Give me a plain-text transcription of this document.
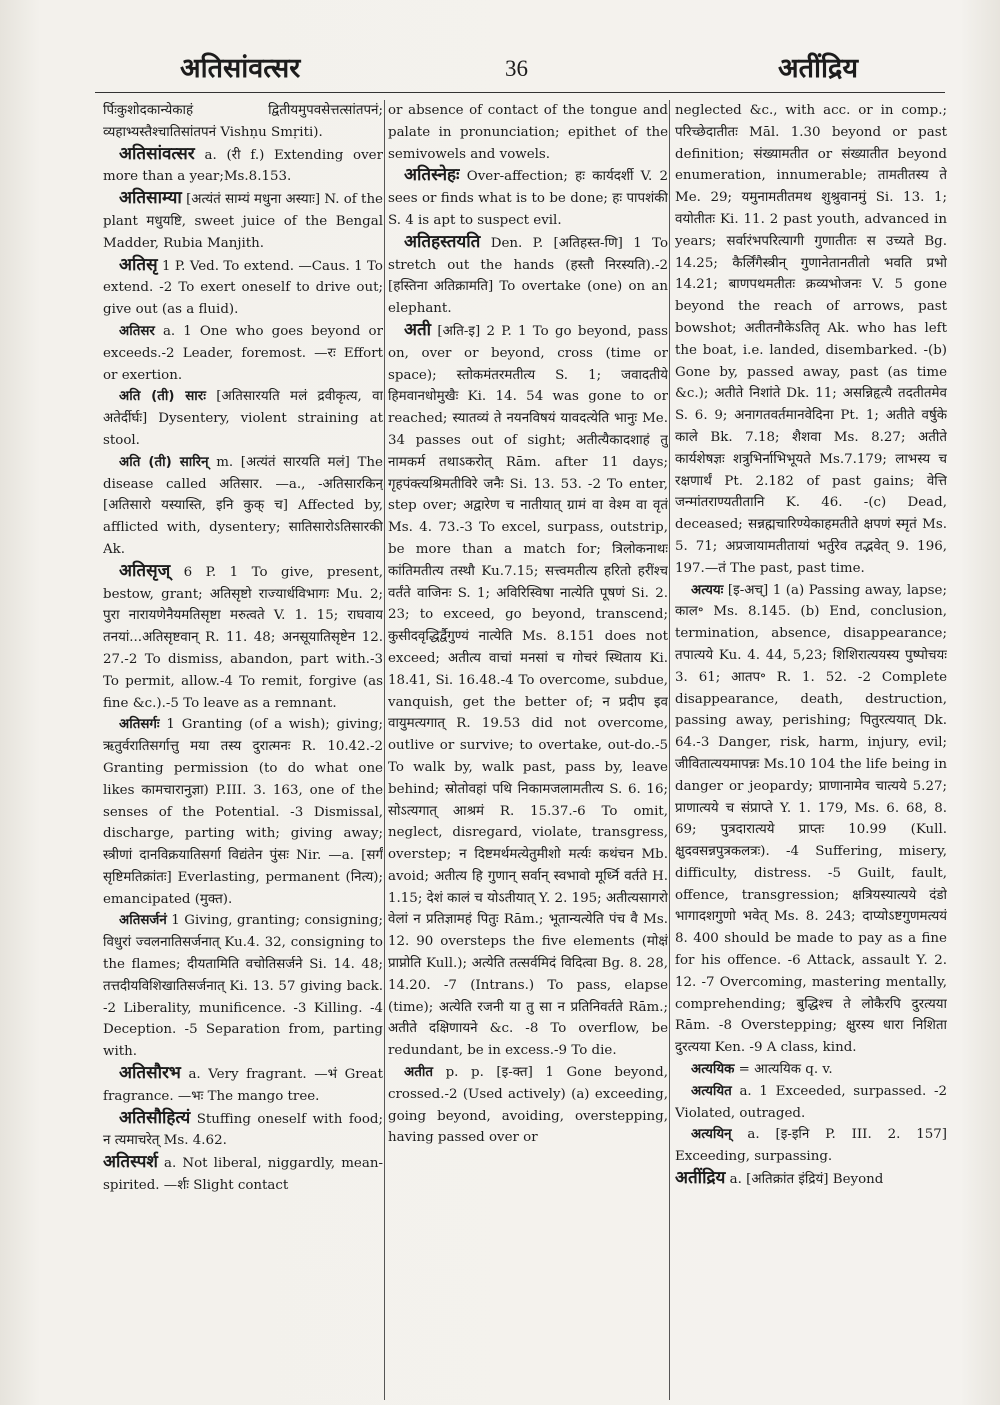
अतिसांवत्सर	36	अतींद्रिय
र्पिःकुशोदकान्येकाहं द्वितीयमुपवसेत्तत्सांतपनं; व्यहाभ्यस्तैश्चातिसांतपनं Vishṇu Smṛiti).
अतिसांवत्सर a. (री f.) Extending over more than a year;Ms.8.153.
अतिसाम्या [अत्यंतं साम्यं मधुना अस्याः] N. of the plant मधुयष्टि, sweet juice of the Bengal Madder, Rubia Manjith.
अतिसृ 1 P. Ved. To extend. —Caus. 1 To extend. -2 To exert oneself to drive out; give out (as a fluid).
अतिसर a. 1 One who goes beyond or exceeds.-2 Leader, foremost. —रः Effort or exertion.
अति (ती) सारः [अतिसारयति मलं द्रवीकृत्य, वा अतेर्दीर्घः] Dysentery, violent straining at stool.
अति (ती) सारिन् m. [अत्यंतं सारयति मलं] The disease called अतिसार. —a., -अतिसारकिन् [अतिसारो यस्यास्ति, इनि कुक् च] Affected by, afflicted with, dysentery; सातिसारोऽतिसारकी Ak.
अतिसृज् 6 P. 1 To give, present, bestow, grant; अतिसृष्टो राज्यार्धविभागः Mu. 2; पुरा नारायणेनैयमतिसृष्टा मरुत्वते V. 1. 15; राघवाय तनयां...अतिसृष्टवान् R. 11. 48; अनसूयातिसृष्टेन 12. 27.-2 To dismiss, abandon, part with.-3 To permit, allow.-4 To remit, forgive (as fine &c.).-5 To leave as a remnant.
अतिसर्गः 1 Granting (of a wish); giving; ऋतुर्वरातिसर्गात्तु मया तस्य दुरात्मनः R. 10.42.-2 Granting permission (to do what one likes कामचारानुज्ञा) P.III. 3. 163, one of the senses of the Potential. -3 Dismissal, discharge, parting with; giving away; स्त्रीणां दानविक्रयातिसर्गा विद्यंतेन पुंसः Nir. —a. [सर्गं सृष्टिमतिक्रांतः] Everlasting, permanent (नित्य); emancipated (मुक्त).
अतिसर्जनं 1 Giving, granting; consigning; विधुरां ज्वलनातिसर्जनात् Ku.4. 32, consigning to the flames; दीयतामिति वचोतिसर्जने Si. 14. 48; तत्तदीयविशिखातिसर्जनात् Ki. 13. 57 giving back. -2 Liberality, munificence. -3 Killing. -4 Deception. -5 Separation from, parting with.
अतिसौरभ a. Very fragrant. —भं Great fragrance. —भः The mango tree.
अतिसौहित्यं Stuffing oneself with food; न त्यमाचरेत् Ms. 4.62.
अतिस्पर्श a. Not liberal, niggardly, mean-spirited. —र्शः Slight contact
or absence of contact of the tongue and palate in pronunciation; epithet of the semivowels and vowels.
अतिस्नेहः Over-affection; हः कार्यदर्शी V. 2 sees or finds what is to be done; हः पापशंकी S. 4 is apt to suspect evil.
अतिहस्तयति Den. P. [अतिहस्त-णि] 1 To stretch out the hands (हस्तौ निरस्यति).-2 [हस्तिना अतिक्रामति] To overtake (one) on an elephant.
अती [अति-इ] 2 P. 1 To go beyond, pass on, over or beyond, cross (time or space); स्तोकमंतरमतीत्य S. 1; जवादतीये हिमवानधोमुखैः Ki. 14. 54 was gone to or reached; स्यातव्यं ते नयनविषयं यावदत्येति भानुः Me. 34 passes out of sight; अतीत्यैकादशाहं तु नामकर्म तथाऽकरोत् Rām. after 11 days; गृहपंक्त्यश्रिमतीविरे जनैः Si. 13. 53. -2 To enter, step over; अद्वारेण च नातीयात् ग्रामं वा वेश्म वा वृतं Ms. 4. 73.-3 To excel, surpass, outstrip, be more than a match for; त्रिलोकनाथः कांतिमतीत्य तस्थौ Ku.7.15; सत्त्वमतीत्य हरितो हरींश्च वर्तंते वाजिनः S. 1; अविरिस्विषा नात्येति पूषणं Si. 2. 23; to exceed, go beyond, transcend; कुसीदवृद्धिर्द्वैगुण्यं नात्येति Ms. 8.151 does not exceed; अतीत्य वाचां मनसां च गोचरं स्थिताय Ki. 18.41, Si. 16.48.-4 To overcome, subdue, vanquish, get the better of; न प्रदीप इव वायुमत्यगात् R. 19.53 did not overcome, outlive or survive; to overtake, out-do.-5 To walk by, walk past, pass by, leave behind; स्रोतोवहां पथि निकामजलामतीत्य S. 6. 16; सोऽत्यगात् आश्रमं R. 15.37.-6 To omit, neglect, disregard, violate, transgress, overstep; न दिष्टमर्थमत्येतुमीशो मर्त्यः कथंचन Mb. avoid; अतीत्य हि गुणान् सर्वान् स्वभावो मूर्ध्नि वर्तते H. 1.15; देशं कालं च योऽतीयात् Y. 2. 195; अतीत्यसागरो वेलां न प्रतिज्ञामहं पितुः Rām.; भूतान्यत्येति पंच वै Ms. 12. 90 oversteps the five elements (मोक्षं प्राप्नोति Kull.); अत्येति तत्सर्वमिदं विदित्वा Bg. 8. 28, 14.20. -7 (Intrans.) To pass, elapse (time); अत्येति रजनी या तु सा न प्रतिनिवर्तते Rām.; अतीते दक्षिणायने &c. -8 To overflow, be redundant, be in excess.-9 To die.
अतीत p. p. [इ-क्त] 1 Gone beyond, crossed.-2 (Used actively) (a) exceeding, going beyond, avoiding, overstepping, having passed over or
neglected &c., with acc. or in comp.; परिच्छेदातीतः Māl. 1.30 beyond or past definition; संख्यामतीत or संख्यातीत beyond enumeration, innumerable; तामतीतस्य ते Me. 29; यमुनामतीतमथ शुश्रुवानमुं Si. 13. 1; वयोतीतः Ki. 11. 2 past youth, advanced in years; सर्वारंभपरित्यागी गुणातीतः स उच्यते Bg. 14.25; कैर्लिंगैस्त्रीन् गुणानेतानतीतो भवति प्रभो 14.21; बाणपथमतीतः क्रव्यभोजनः V. 5 gone beyond the reach of arrows, past bowshot; अतीतनौकेऽतितृ Ak. who has left the boat, i.e. landed, disembarked. -(b) Gone by, passed away, past (as time &c.); अतीते निशांते Dk. 11; असन्निहृत्यै तदतीतमेव S. 6. 9; अनागतवर्तमानवेदिना Pt. 1; अतीते वर्षुके काले Bk. 7.18; शैशवा Ms. 8.27; अतीते कार्यशेषज्ञः शत्रुभिर्नाभिभूयते Ms.7.179; लाभस्य च रक्षणार्थं Pt. 2.182 of past gains; वेत्ति जन्मांतराण्यतीतानि K. 46. -(c) Dead, deceased; सन्नह्मचारिण्येकाहमतीते क्षपणं स्मृतं Ms. 5. 71; अप्रजायामतीतायां भर्तुरेव तद्भवेत् 9. 196, 197.—तं The past, past time.
अत्ययः [इ-अच्] 1 (a) Passing away, lapse; काल॰ Ms. 8.145. (b) End, conclusion, termination, absence, disappearance; तपात्यये Ku. 4. 44, 5,23; शिशिरात्ययस्य पुष्पोचयः 3. 61; आतप॰ R. 1. 52. -2 Complete disappearance, death, destruction, passing away, perishing; पितुरत्ययात् Dk. 64.-3 Danger, risk, harm, injury, evil; जीवितात्ययमापन्नः Ms.10 104 the life being in danger or jeopardy; प्राणानामेव चात्यये 5.27; प्राणात्यये च संप्राप्ते Y. 1. 179, Ms. 6. 68, 8. 69; पुत्रदारात्यये प्राप्तः 10.99 (Kull. क्षुदवसन्नपुत्रकलत्रः). -4 Suffering, misery, difficulty, distress. -5 Guilt, fault, offence, transgression; क्षत्रियस्यात्यये दंडो भागादशगुणो भवेत् Ms. 8. 243; दाप्योऽष्टगुणमत्ययं 8. 400 should be made to pay as a fine for his offence. -6 Attack, assault Y. 2. 12. -7 Overcoming, mastering mentally, comprehending; बुद्धिश्च ते लोकैरपि दुरत्यया Rām. -8 Overstepping; क्षुरस्य धारा निशिता दुरत्यया Ken. -9 A class, kind.
अत्ययिक = आत्ययिक q. v.
अत्ययित a. 1 Exceeded, surpassed. -2 Violated, outraged.
अत्ययिन् a. [इ-इनि P. III. 2. 157] Exceeding, surpassing.
अतींद्रिय a. [अतिक्रांत इंद्रियं] Beyond
